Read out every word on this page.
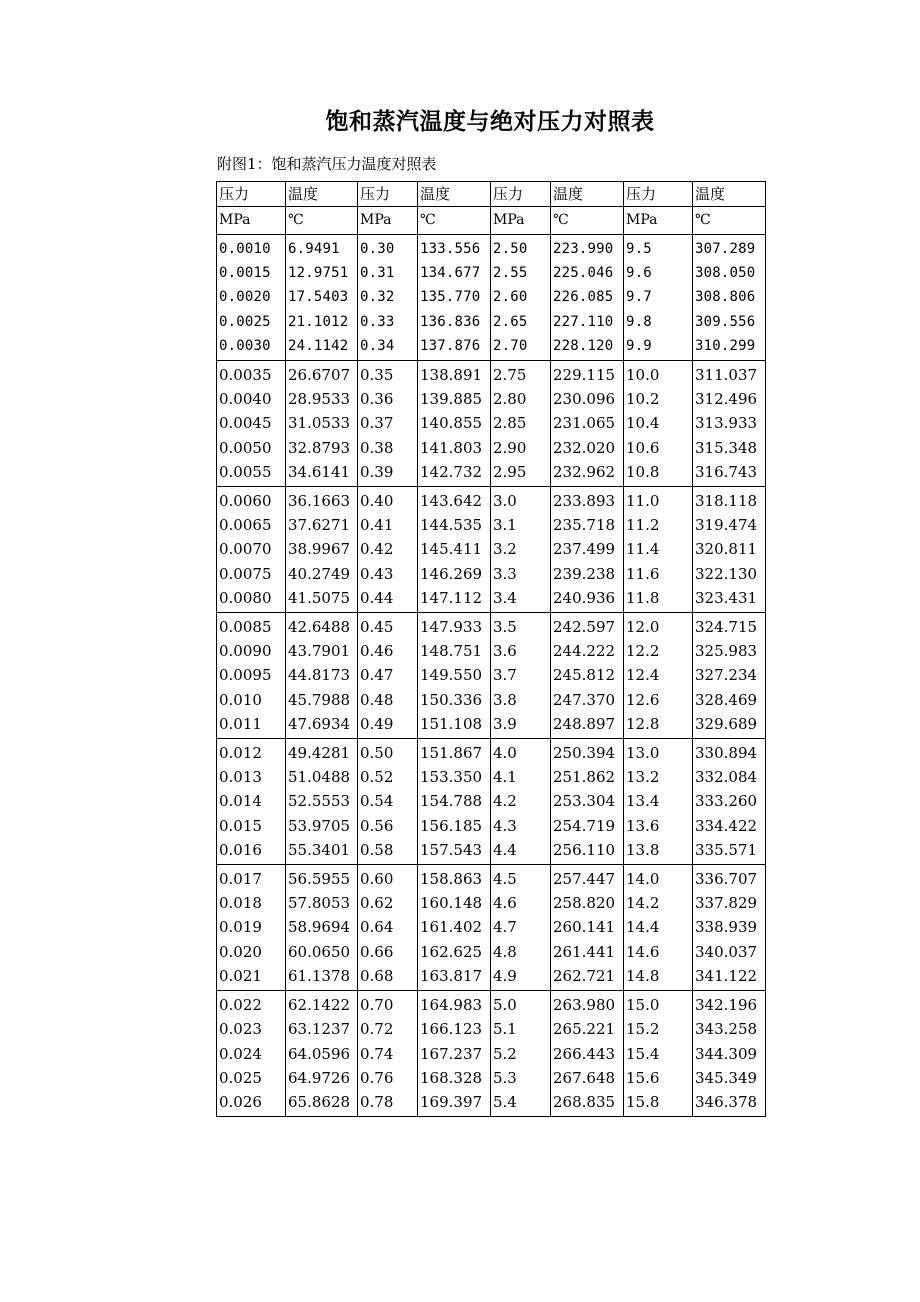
饱和蒸汽温度与绝对压力对照表
附图1：饱和蒸汽压力温度对照表
压力	温度	压力	温度	压力	温度	压力	温度
MPa	℃	MPa	℃	MPa	℃	MPa	℃
0.0010	6.9491	0.30	133.556	2.50	223.990	9.5	307.289
0.0015	12.9751	0.31	134.677	2.55	225.046	9.6	308.050
0.0020	17.5403	0.32	135.770	2.60	226.085	9.7	308.806
0.0025	21.1012	0.33	136.836	2.65	227.110	9.8	309.556
0.0030	24.1142	0.34	137.876	2.70	228.120	9.9	310.299
0.0035	26.6707	0.35	138.891	2.75	229.115	10.0	311.037
0.0040	28.9533	0.36	139.885	2.80	230.096	10.2	312.496
0.0045	31.0533	0.37	140.855	2.85	231.065	10.4	313.933
0.0050	32.8793	0.38	141.803	2.90	232.020	10.6	315.348
0.0055	34.6141	0.39	142.732	2.95	232.962	10.8	316.743
0.0060	36.1663	0.40	143.642	3.0	233.893	11.0	318.118
0.0065	37.6271	0.41	144.535	3.1	235.718	11.2	319.474
0.0070	38.9967	0.42	145.411	3.2	237.499	11.4	320.811
0.0075	40.2749	0.43	146.269	3.3	239.238	11.6	322.130
0.0080	41.5075	0.44	147.112	3.4	240.936	11.8	323.431
0.0085	42.6488	0.45	147.933	3.5	242.597	12.0	324.715
0.0090	43.7901	0.46	148.751	3.6	244.222	12.2	325.983
0.0095	44.8173	0.47	149.550	3.7	245.812	12.4	327.234
0.010	45.7988	0.48	150.336	3.8	247.370	12.6	328.469
0.011	47.6934	0.49	151.108	3.9	248.897	12.8	329.689
0.012	49.4281	0.50	151.867	4.0	250.394	13.0	330.894
0.013	51.0488	0.52	153.350	4.1	251.862	13.2	332.084
0.014	52.5553	0.54	154.788	4.2	253.304	13.4	333.260
0.015	53.9705	0.56	156.185	4.3	254.719	13.6	334.422
0.016	55.3401	0.58	157.543	4.4	256.110	13.8	335.571
0.017	56.5955	0.60	158.863	4.5	257.447	14.0	336.707
0.018	57.8053	0.62	160.148	4.6	258.820	14.2	337.829
0.019	58.9694	0.64	161.402	4.7	260.141	14.4	338.939
0.020	60.0650	0.66	162.625	4.8	261.441	14.6	340.037
0.021	61.1378	0.68	163.817	4.9	262.721	14.8	341.122
0.022	62.1422	0.70	164.983	5.0	263.980	15.0	342.196
0.023	63.1237	0.72	166.123	5.1	265.221	15.2	343.258
0.024	64.0596	0.74	167.237	5.2	266.443	15.4	344.309
0.025	64.9726	0.76	168.328	5.3	267.648	15.6	345.349
0.026	65.8628	0.78	169.397	5.4	268.835	15.8	346.378
